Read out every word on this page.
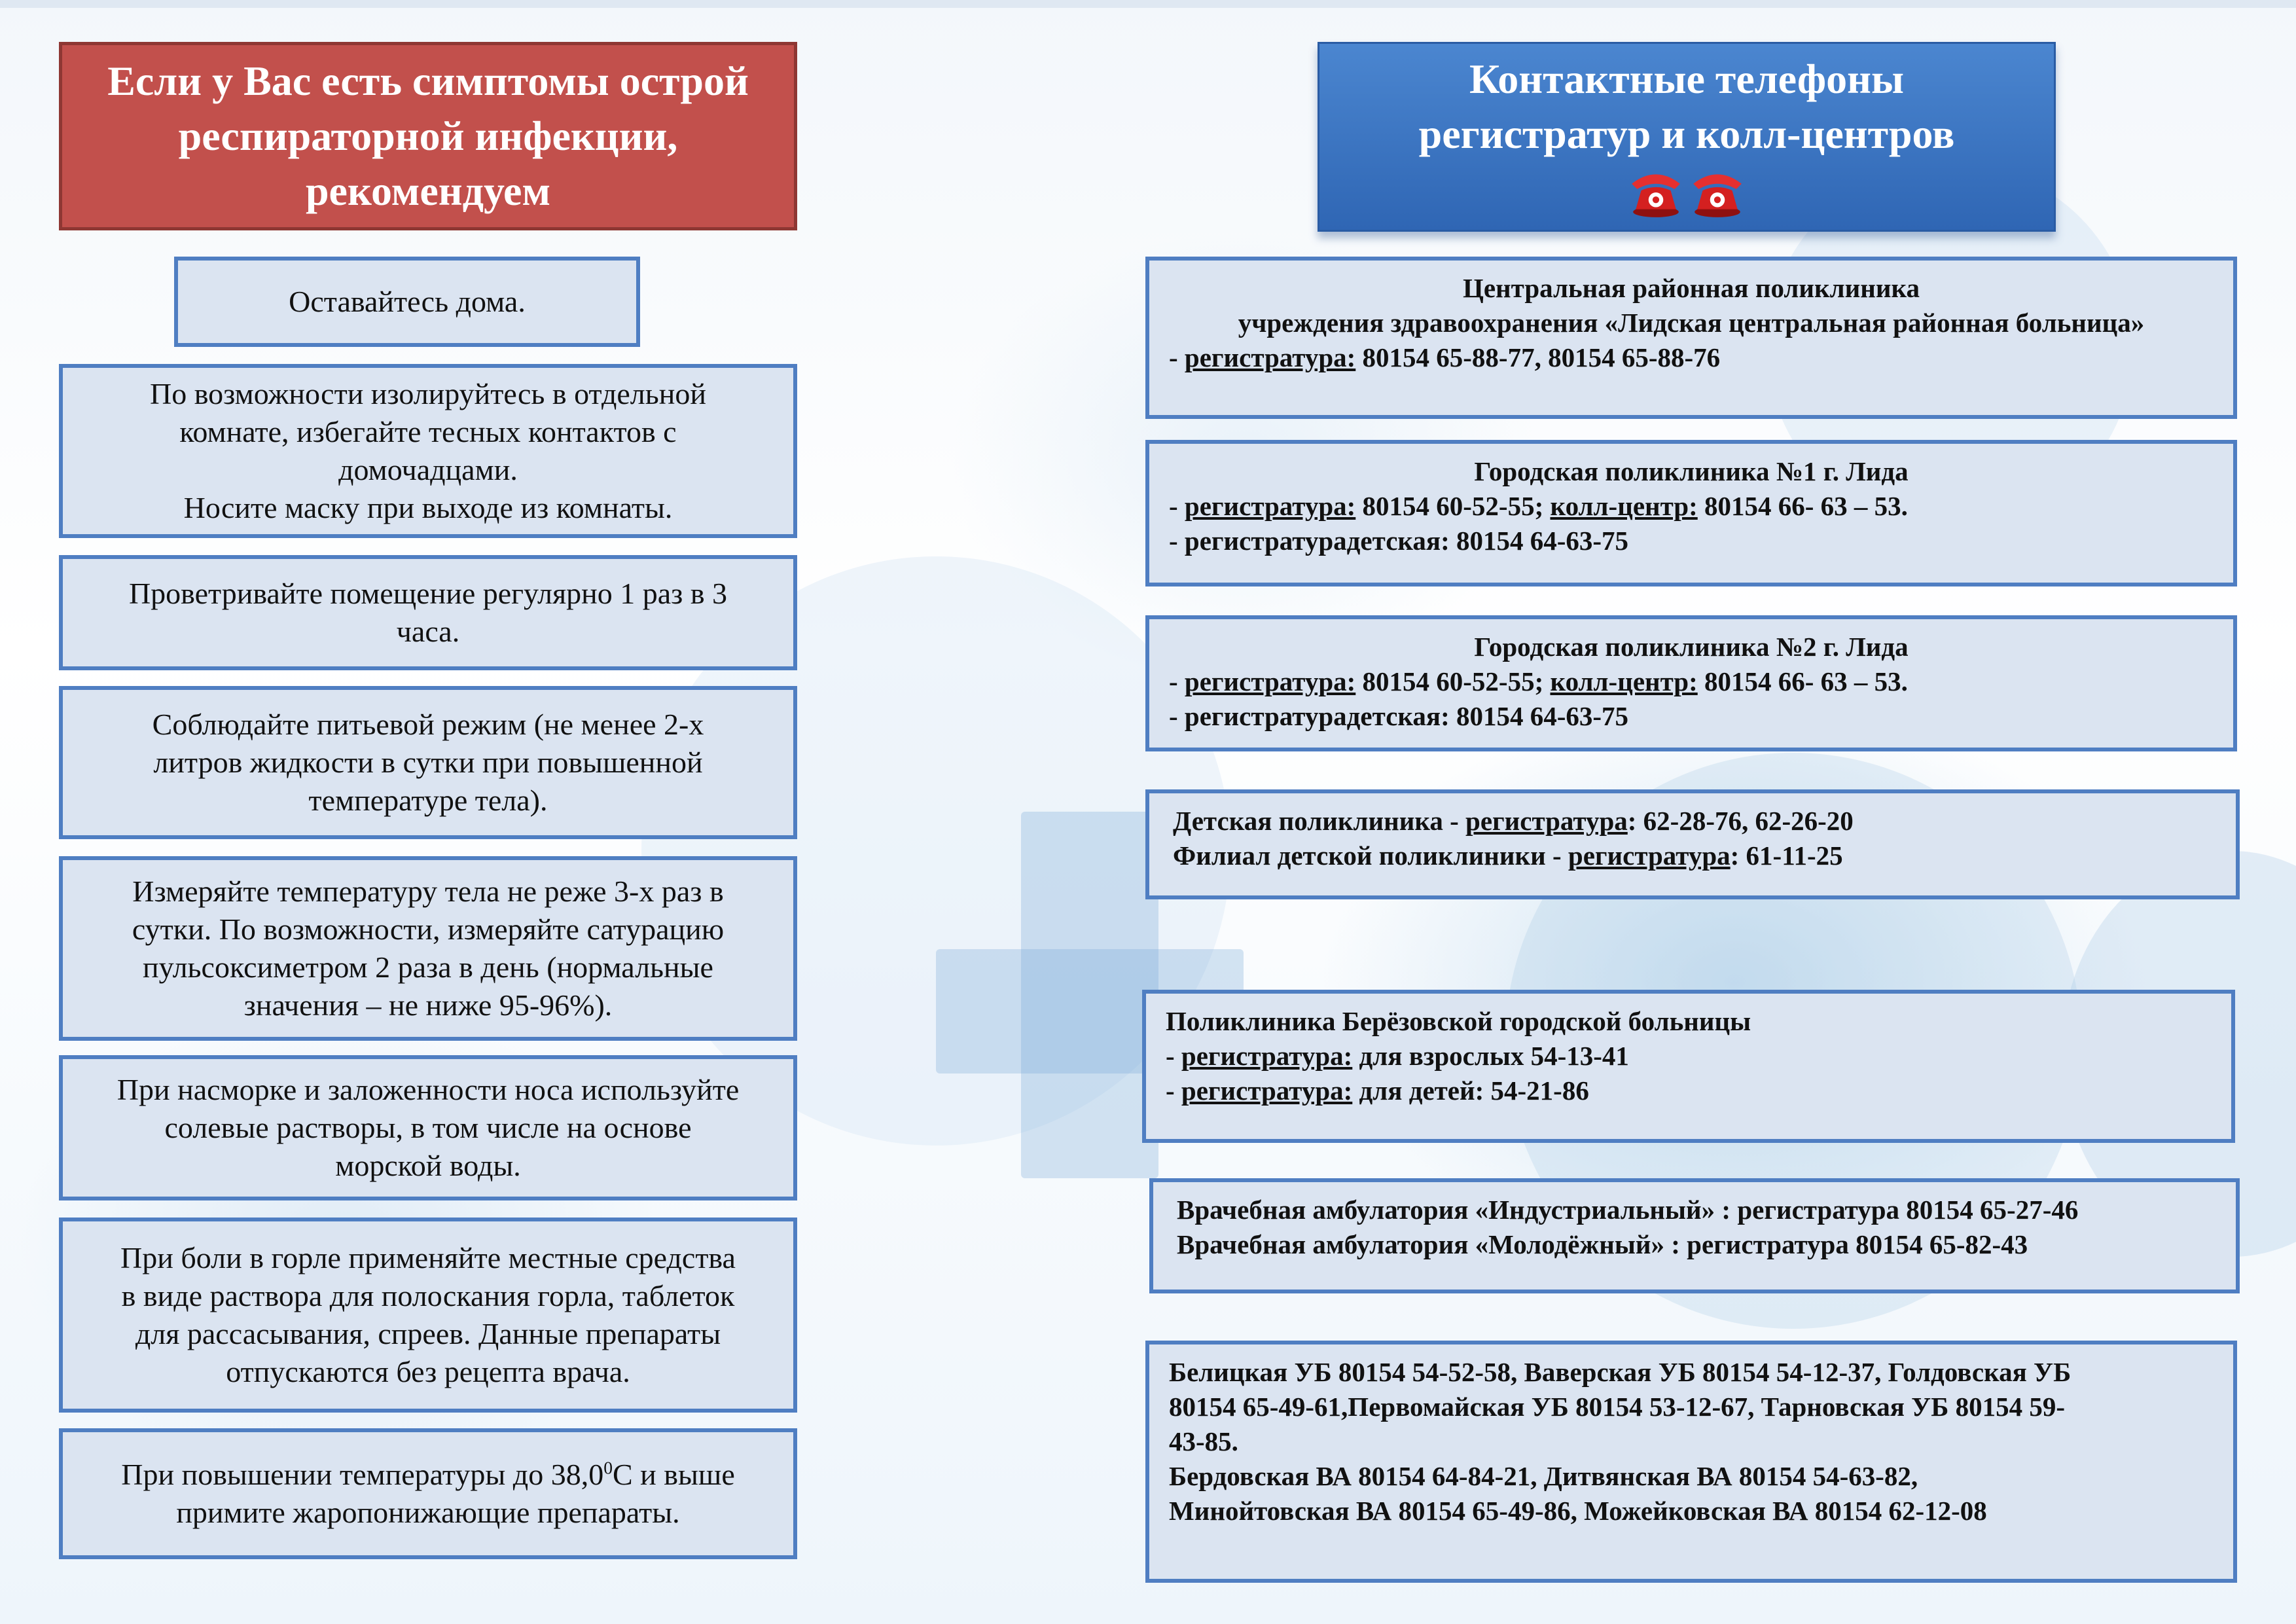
Если у Вас есть симптомы острой
респираторной инфекции,
рекомендуем
Оставайтесь дома.
По возможности изолируйтесь в отдельной
комнате, избегайте тесных контактов с
домочадцами.
Носите маску при выходе из комнаты.
Проветривайте помещение регулярно 1 раз в 3
часа.
Соблюдайте питьевой режим (не менее 2-х
литров жидкости в сутки при повышенной
температуре тела).
Измеряйте температуру тела не реже 3-х раз в
сутки. По возможности, измеряйте сатурацию
пульсоксиметром 2 раза в день (нормальные
значения – не ниже 95-96%).
При насморке и заложенности носа используйте
солевые растворы, в том числе на основе
морской воды.
При боли в горле применяйте местные средства
в виде раствора для полоскания горла, таблеток
для рассасывания, спреев. Данные препараты
отпускаются без рецепта врача.
При повышении температуры до 38,0$^0$С и выше
примите жаропонижающие препараты.
Контактные телефоны
регистратур и колл-центров
Центральная районная поликлиника
учреждения здравоохранения «Лидская центральная районная больница»
- регистратура: 80154 65-88-77, 80154 65-88-76
Городская поликлиника №1 г. Лида
- регистратура: 80154 60-52-55; колл-центр: 80154 66- 63 – 53.
- регистратурадетская: 80154 64-63-75
Городская поликлиника №2 г. Лида
- регистратура: 80154 60-52-55; колл-центр: 80154 66- 63 – 53.
- регистратурадетская: 80154 64-63-75
Детская поликлиника - регистратура: 62-28-76, 62-26-20
Филиал детской поликлиники - регистратура: 61-11-25
Поликлиника Берёзовской городской больницы
- регистратура: для взрослых 54-13-41
- регистратура: для детей: 54-21-86
Врачебная амбулатория «Индустриальный» : регистратура 80154 65-27-46
Врачебная амбулатория «Молодёжный» : регистратура 80154 65-82-43
Белицкая УБ 80154 54-52-58, Ваверская УБ 80154 54-12-37, Голдовская УБ
80154 65-49-61,Первомайская УБ 80154 53-12-67, Тарновская УБ 80154 59-
43-85.
Бердовская ВА 80154 64-84-21, Дитвянская ВА 80154 54-63-82,
Минойтовская ВА 80154 65-49-86, Можейковская ВА 80154 62-12-08
